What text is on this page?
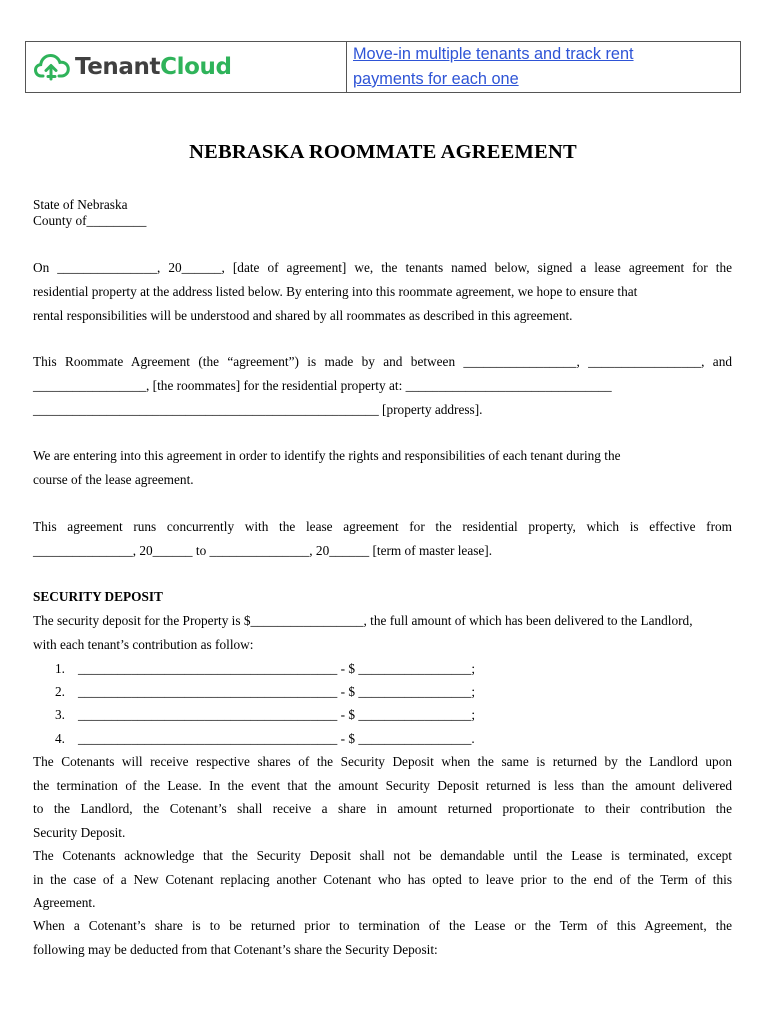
TenantCloud	Move-in multiple tenants and track rent
payments for each one
NEBRASKA ROOMMATE AGREEMENT
State of Nebraska
County of_________
On _______________, 20______, [date of agreement] we, the tenants named below, signed a lease agreement for the
residential property at the address listed below. By entering into this roommate agreement, we hope to ensure that
rental responsibilities will be understood and shared by all roommates as described in this agreement.
This Roommate Agreement (the “agreement”) is made by and between _________________, _________________, and
_________________, [the roommates] for the residential property at: _______________________________
____________________________________________________ [property address].
We are entering into this agreement in order to identify the rights and responsibilities of each tenant during the
course of the lease agreement.
This agreement runs concurrently with the lease agreement for the residential property, which is effective from
_______________, 20______ to _______________, 20______ [term of master lease].
SECURITY DEPOSIT
The security deposit for the Property is $_________________, the full amount of which has been delivered to the Landlord,
with each tenant’s contribution as follow:
1. _______________________________________ - $ _________________;
2. _______________________________________ - $ _________________;
3. _______________________________________ - $ _________________;
4. _______________________________________ - $ _________________.
The Cotenants will receive respective shares of the Security Deposit when the same is returned by the Landlord upon
the termination of the Lease. In the event that the amount Security Deposit returned is less than the amount delivered
to the Landlord, the Cotenant’s shall receive a share in amount returned proportionate to their contribution the
Security Deposit.
The Cotenants acknowledge that the Security Deposit shall not be demandable until the Lease is terminated, except
in the case of a New Cotenant replacing another Cotenant who has opted to leave prior to the end of the Term of this
Agreement.
When a Cotenant’s share is to be returned prior to termination of the Lease or the Term of this Agreement, the
following may be deducted from that Cotenant’s share the Security Deposit:
